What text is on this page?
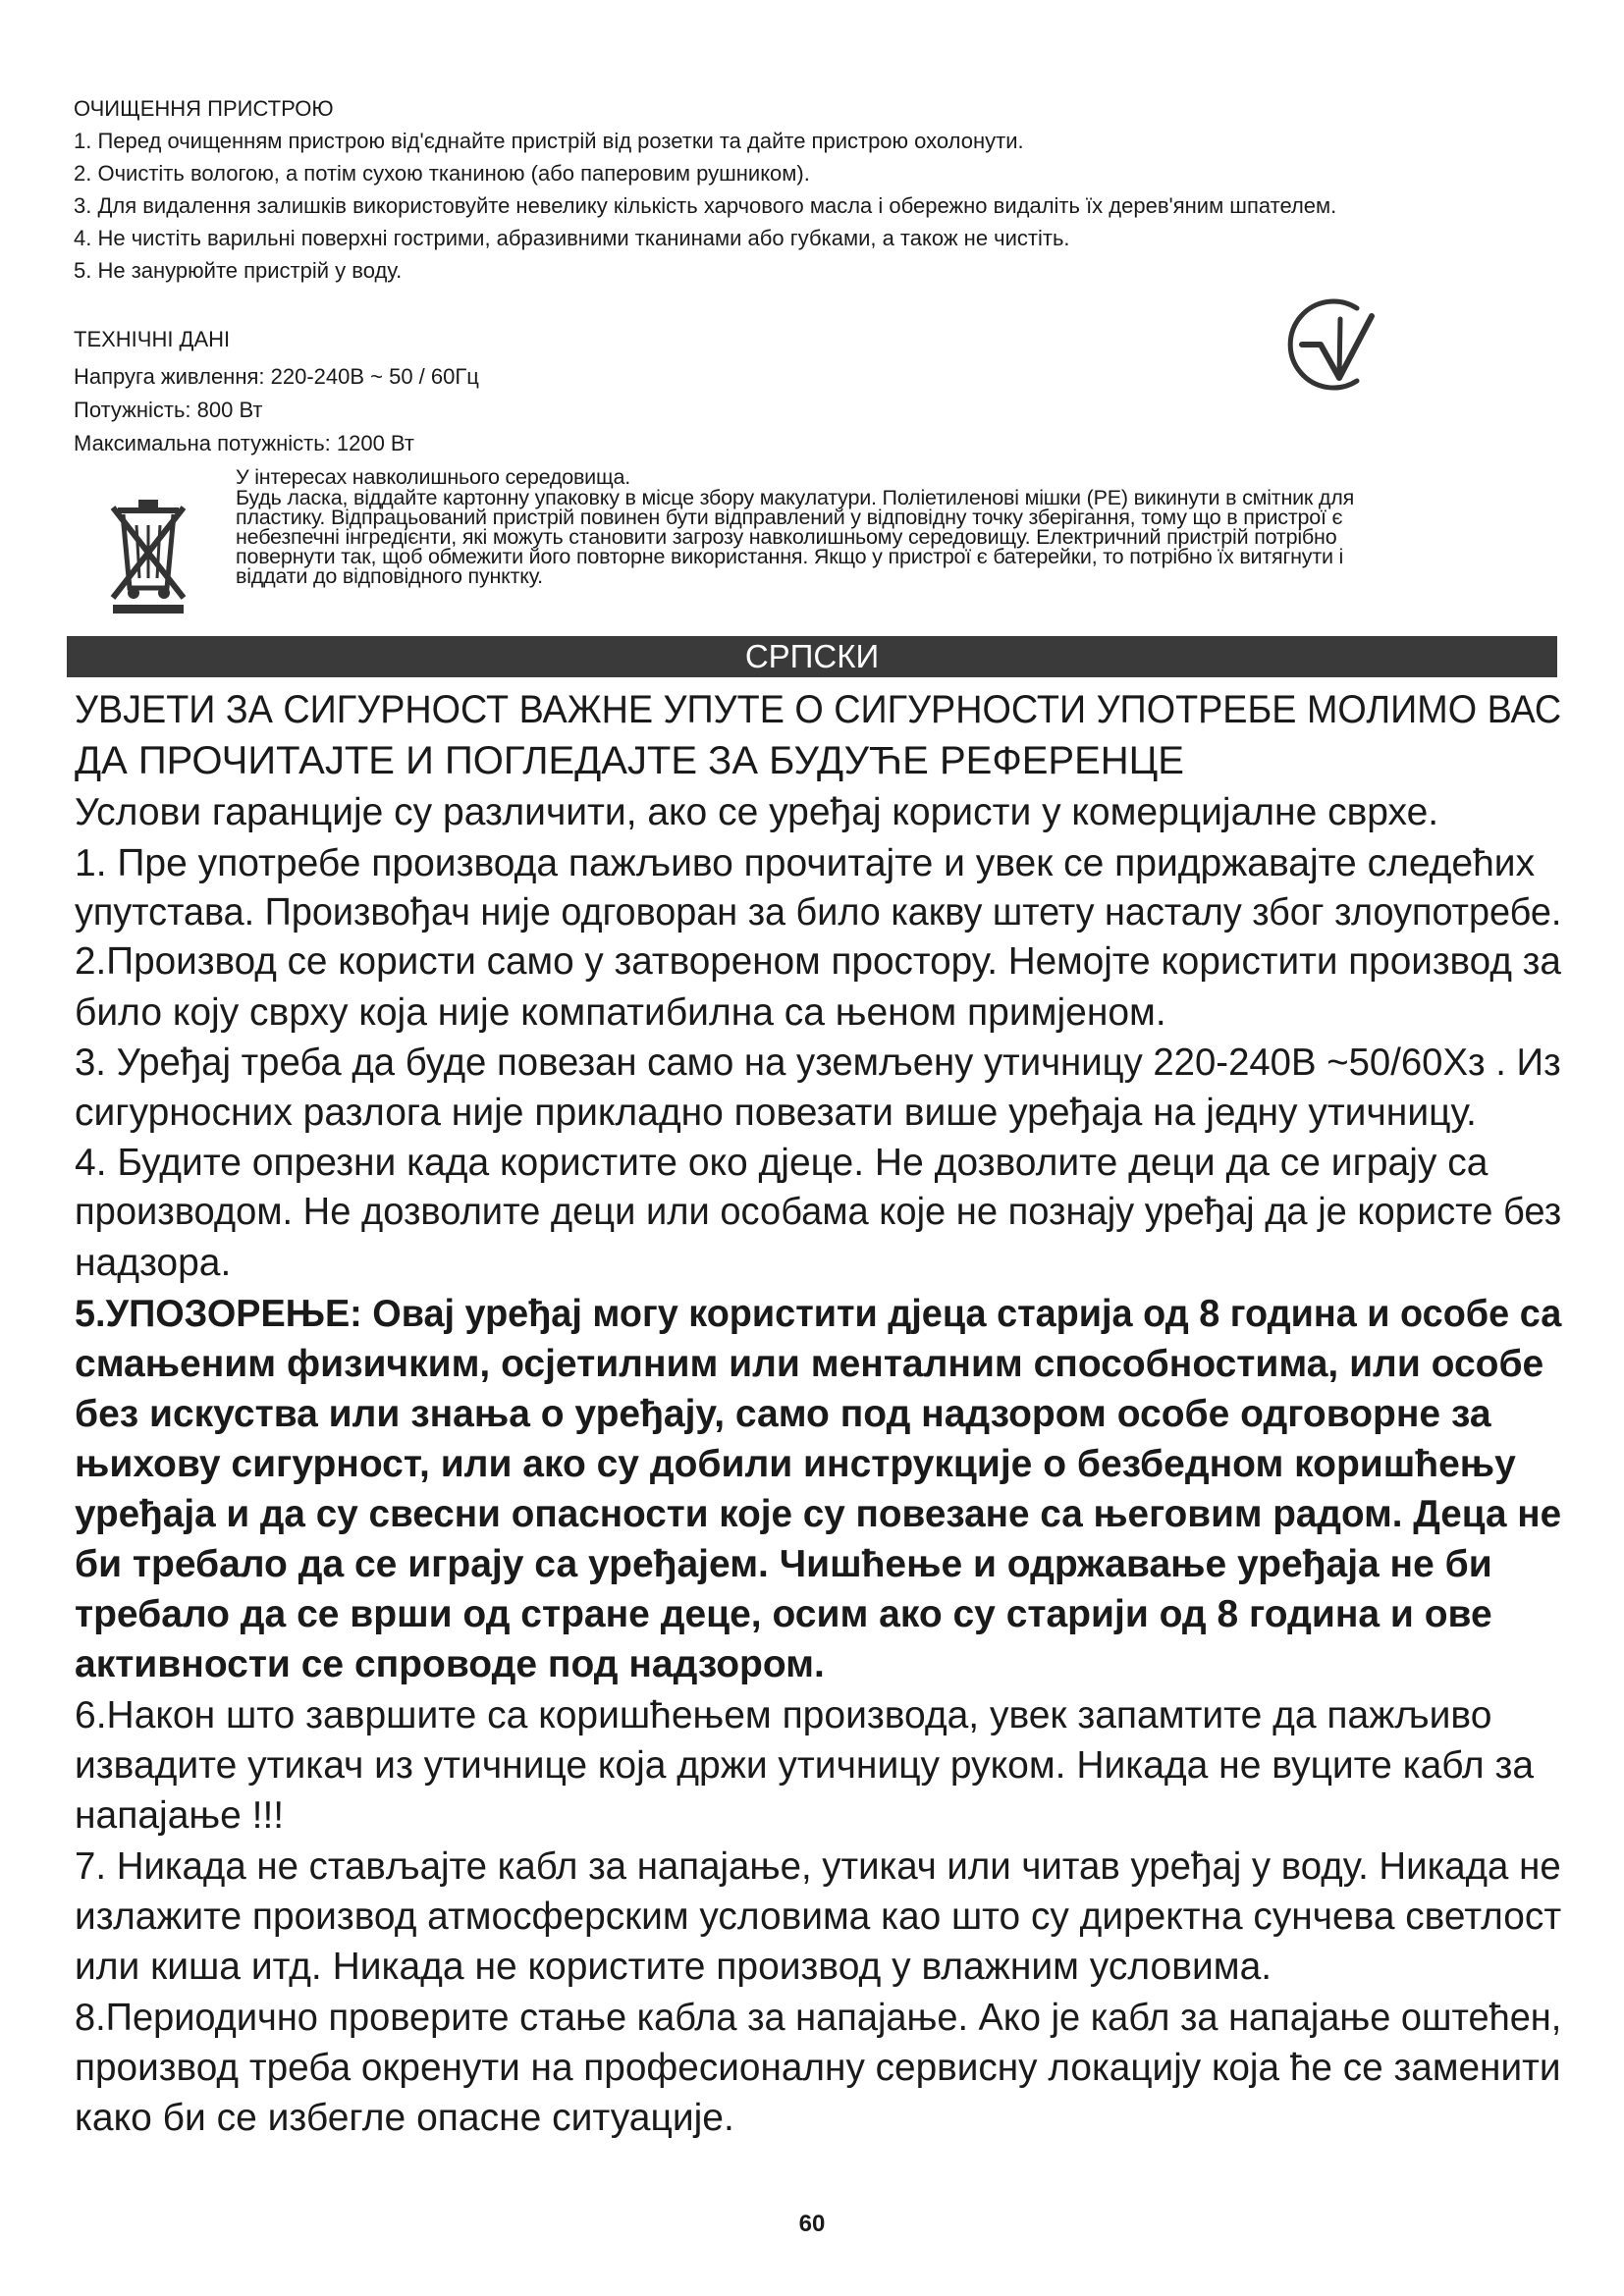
ОЧИЩЕННЯ ПРИСТРОЮ
1. Перед очищенням пристрою від'єднайте пристрій від розетки та дайте пристрою охолонути.
2. Очистіть вологою, а потім сухою тканиною (або паперовим рушником).
3. Для видалення залишків використовуйте невелику кількість харчового масла і обережно видаліть їх дерев'яним шпателем.
4. Не чистіть варильні поверхні гострими, абразивними тканинами або губками, а також не чистіть.
5. Не занурюйте пристрій у воду.
ТЕХНІЧНІ ДАНІ
Напруга живлення: 220-240В ~ 50 / 60Гц
Потужність: 800 Вт
Максимальна потужність: 1200 Вт
У інтересах навколишнього середовища.
Будь ласка, віддайте картонну упаковку в місце збору макулатури. Поліетиленові мішки (PE) викинути в смітник для
пластику. Відпрацьований пристрій повинен бути відправлений у відповідну точку зберігання, тому що в пристрої є
небезпечні інгредієнти, які можуть становити загрозу навколишньому середовищу. Електричний пристрій потрібно
повернути так, щоб обмежити його повторне використання. Якщо у пристрої є батерейки, то потрібно їх витягнути і
віддати до відповідного пунктку.
СРПСКИ
УВЈЕТИ ЗА СИГУРНОСТ ВАЖНЕ УПУТЕ О СИГУРНОСТИ УПОТРЕБЕ МОЛИМО ВАС
ДА ПРОЧИТАЈТЕ И ПОГЛЕДАЈТЕ ЗА БУДУЋЕ РЕФЕРЕНЦЕ
Услови гаранције су различити, ако се уређај користи у комерцијалне сврхе.
1. Пре употребе производа пажљиво прочитајте и увек се придржавајте следећих
упутстава. Произвођач није одговоран за било какву штету насталу због злоупотребе.
2.Производ се користи само у затвореном простору. Немојте користити производ за
било коју сврху која није компатибилна са њеном примјеном.
3. Уређај треба да буде повезан само на уземљену утичницу 220-240В ~50/60Хз . Из
сигурносних разлога није прикладно повезати више уређаја на једну утичницу.
4. Будите опрезни када користите око дјеце. Не дозволите деци да се играју са
производом. Не дозволите деци или особама које не познају уређај да је користе без
надзора.
5.УПОЗОРЕЊЕ: Овај уређај могу користити дјеца старија од 8 година и особе са
смањеним физичким, осјетилним или менталним способностима, или особе
без искуства или знања о уређају, само под надзором особе одговорне за
њихову сигурност, или ако су добили инструкције о безбедном коришћењу
уређаја и да су свесни опасности које су повезане са његовим радом. Деца не
би требало да се играју са уређајем. Чишћење и одржавање уређаја не би
требало да се врши од стране деце, осим ако су старији од 8 година и ове
активности се спроводе под надзором.
6.Након што завршите са коришћењем производа, увек запамтите да пажљиво
извадите утикач из утичнице која држи утичницу руком. Никада не вуците кабл за
напајање !!!
7. Никада не стављајте кабл за напајање, утикач или читав уређај у воду. Никада не
излажите производ атмосферским условима као што су директна сунчева светлост
или киша итд. Никада не користите производ у влажним условима.
8.Периодично проверите стање кабла за напајање. Ако је кабл за напајање оштећен,
производ треба окренути на професионалну сервисну локацију која ће се заменити
како би се избегле опасне ситуације.
60
